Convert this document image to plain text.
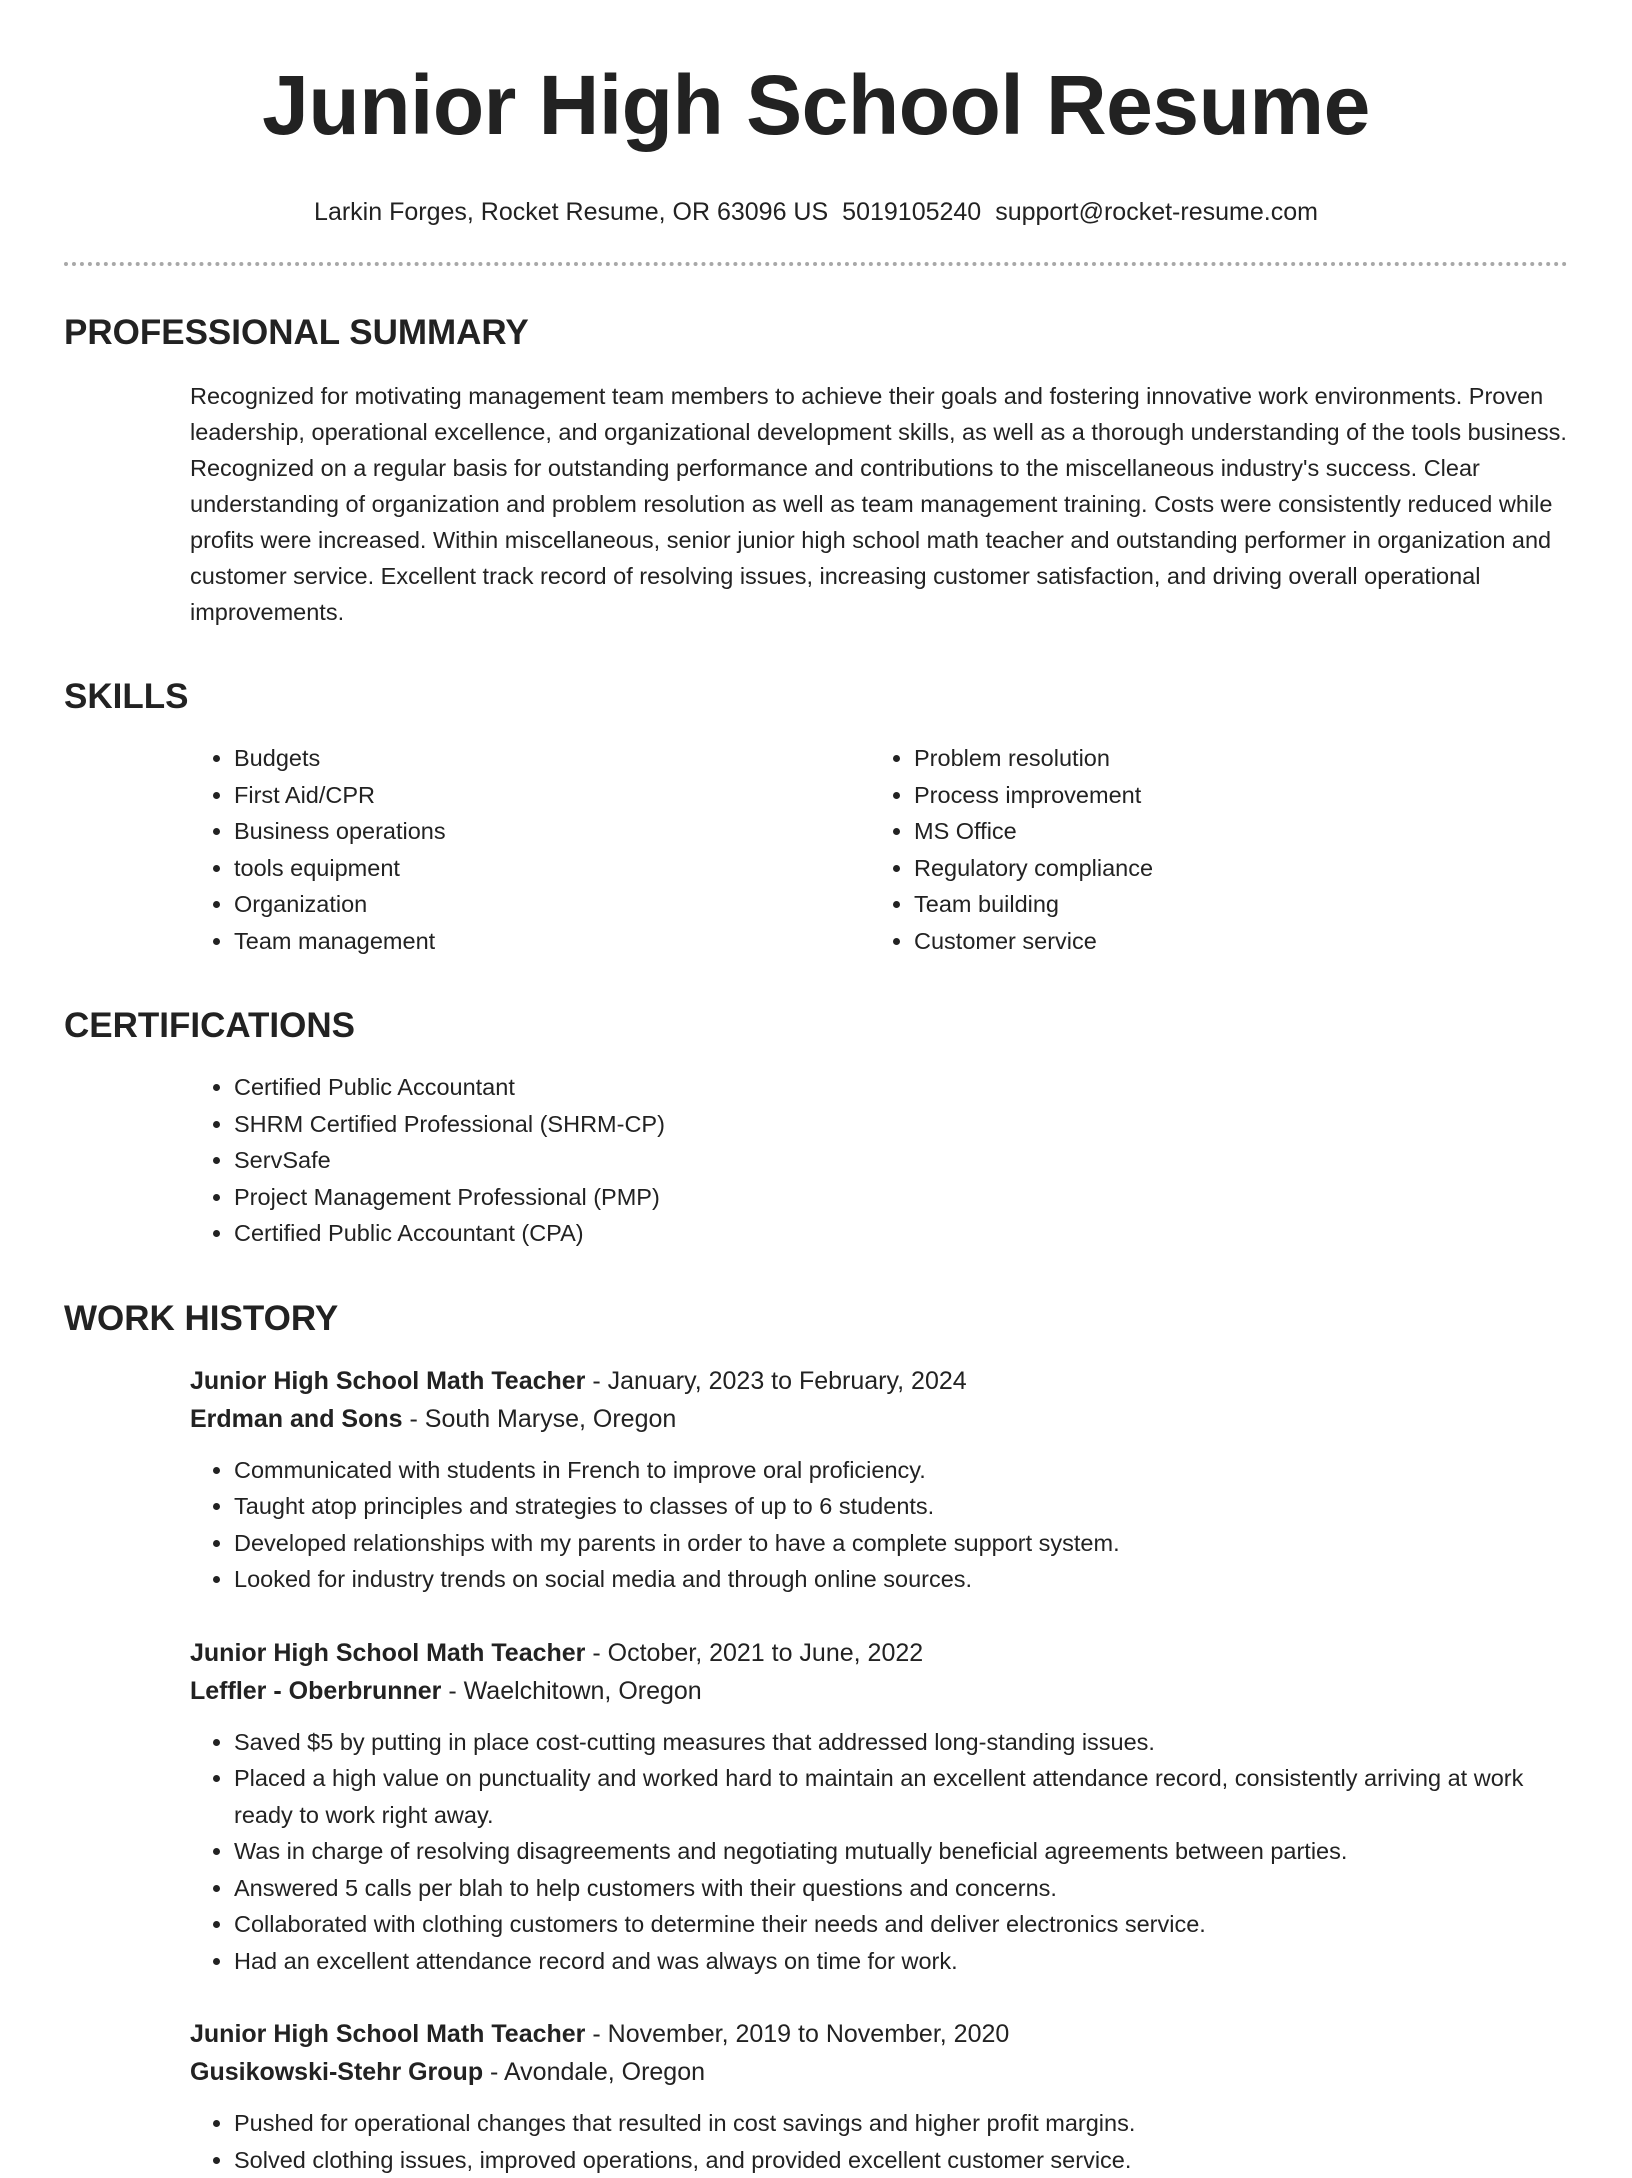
Junior High School Resume
Larkin Forges, Rocket Resume, OR 63096 US 5019105240 support@rocket-resume.com
PROFESSIONAL SUMMARY

Recognized for motivating management team members to achieve their goals and fostering innovative work environments. Proven leadership, operational excellence, and organizational development skills, as well as a thorough understanding of the tools business. Recognized on a regular basis for outstanding performance and contributions to the miscellaneous industry's success. Clear understanding of organization and problem resolution as well as team management training. Costs were consistently reduced while profits were increased. Within miscellaneous, senior junior high school math teacher and outstanding performer in organization and customer service. Excellent track record of resolving issues, increasing customer satisfaction, and driving overall operational improvements.

SKILLS
• Budgets
• First Aid/CPR
• Business operations
• tools equipment
• Organization
• Team management
• Problem resolution
• Process improvement
• MS Office
• Regulatory compliance
• Team building
• Customer service
CERTIFICATIONS
• Certified Public Accountant
• SHRM Certified Professional (SHRM-CP)
• ServSafe
• Project Management Professional (PMP)
• Certified Public Accountant (CPA)
WORK HISTORY
Junior High School Math Teacher - January, 2023 to February, 2024
Erdman and Sons - South Maryse, Oregon
• Communicated with students in French to improve oral proficiency.
• Taught atop principles and strategies to classes of up to 6 students.
• Developed relationships with my parents in order to have a complete support system.
• Looked for industry trends on social media and through online sources.
Junior High School Math Teacher - October, 2021 to June, 2022
Leffler - Oberbrunner - Waelchitown, Oregon
• Saved $5 by putting in place cost-cutting measures that addressed long-standing issues.
• Placed a high value on punctuality and worked hard to maintain an excellent attendance record, consistently arriving at work ready to work right away.
• Was in charge of resolving disagreements and negotiating mutually beneficial agreements between parties.
• Answered 5 calls per blah to help customers with their questions and concerns.
• Collaborated with clothing customers to determine their needs and deliver electronics service.
• Had an excellent attendance record and was always on time for work.
Junior High School Math Teacher - November, 2019 to November, 2020
Gusikowski-Stehr Group - Avondale, Oregon
• Pushed for operational changes that resulted in cost savings and higher profit margins.
• Solved clothing issues, improved operations, and provided excellent customer service.
